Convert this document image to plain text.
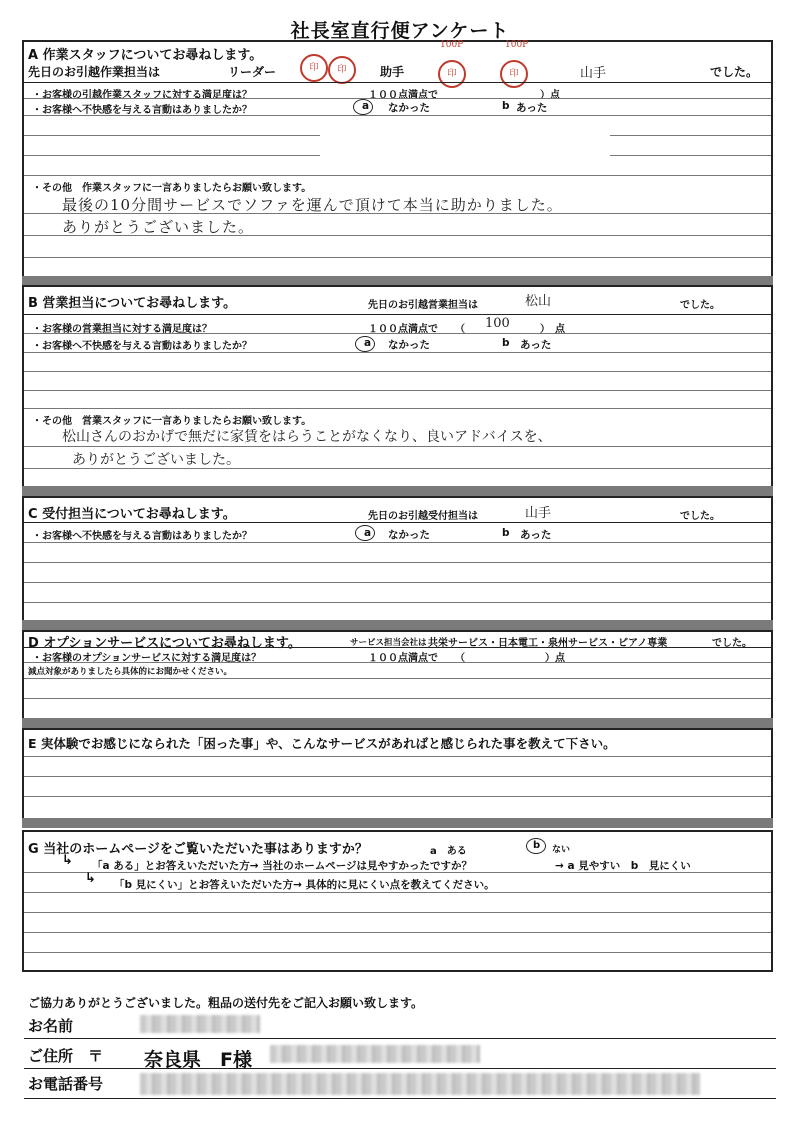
社長室直行便アンケート
A 作業スタッフについてお尋ねします。
先日のお引越作業担当は	リーダー	印	印	助手
100P
印
100P
印	山手	でした。
・お客様の引越作業スタッフに対する満足度は？	１００点満点で	）点
・お客様へ不快感を与える言動はありましたか？	a なかった	b あった
・その他　作業スタッフに一言ありましたらお願い致します。
最後の10分間サービスでソファを運んで頂けて本当に助かりました。
ありがとうございました。
B 営業担当についてお尋ねします。	先日のお引越営業担当は	松山	でした。
・お客様の営業担当に対する満足度は？	１００点満点で （ 100	）　点
・お客様へ不快感を与える言動はありましたか？	a なかった	b あった
・その他　営業スタッフに一言ありましたらお願い致します。
松山さんのおかげで無だに家賃をはらうことがなくなり、良いアドバイスを、
ありがとうございました。
C 受付担当についてお尋ねします。	先日のお引越受付担当は	山手	でした。
・お客様へ不快感を与える言動はありましたか？	a なかった	b あった
D オプションサービスについてお尋ねします。	サービス担当会社は 共栄サービス・日本電工・泉州サービス・ピアノ専業	でした。
・お客様のオプションサービスに対する満足度は？	１００点満点で （	）点
減点対象がありましたら具体的にお聞かせください。
E 実体験でお感じになられた「困った事」や、こんなサービスがあればと感じられた事を教えて下さい。
G 当社のホームページをご覧いただいた事はありますか？	a　ある
b ない
↳ 「a ある」とお答えいただいた方→ 当社のホームページは見やすかったですか？	→ a 見やすい　b　見にくい
↳ 「b 見にくい」とお答えいただいた方→ 具体的に見にくい点を教えてください。
ご協力ありがとうございました。粗品の送付先をご記入お願い致します。
お名前
ご住所　〒 奈良県　F様
お電話番号
